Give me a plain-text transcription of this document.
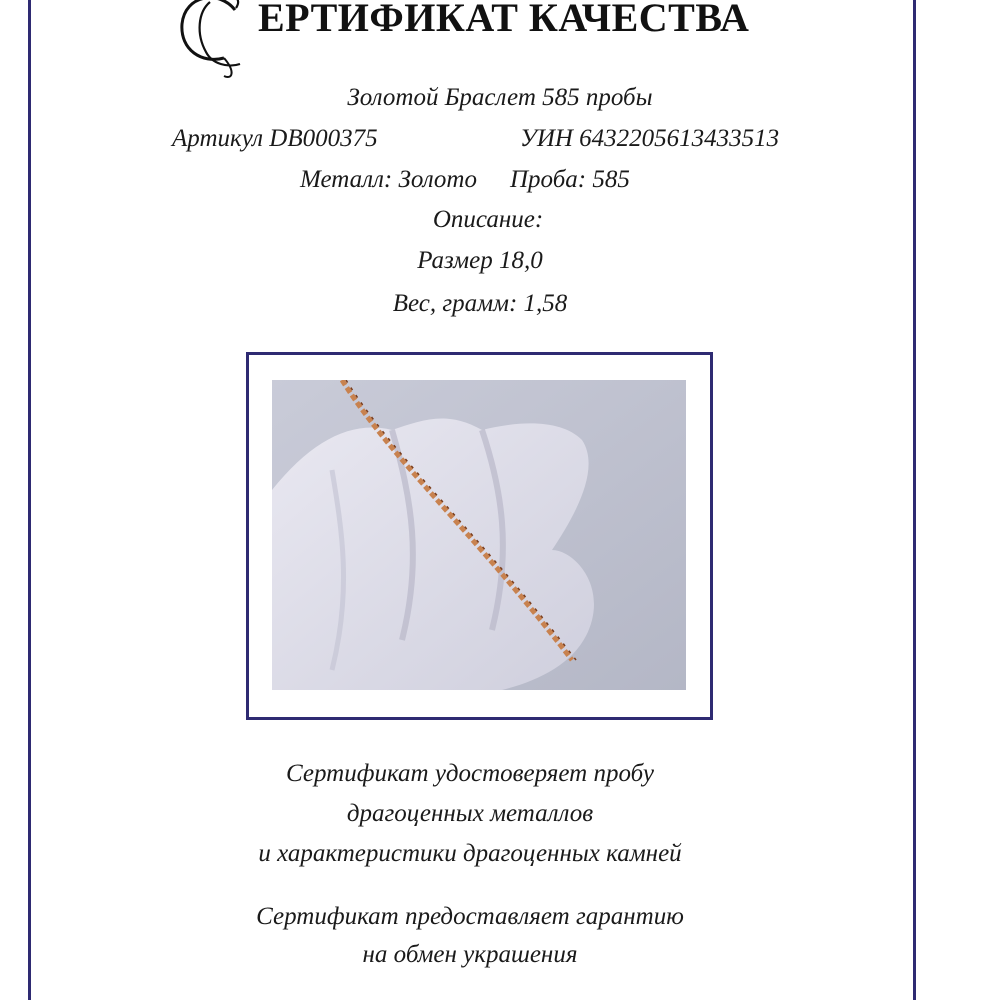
ЕРТИФИКАТ КАЧЕСТВА
Золотой Браслет 585 пробы
Артикул DB000375	УИН 6432205613433513
Металл: Золото Проба: 585
Описание:
Размер 18,0
Вес, грамм: 1,58
Сертификат удостоверяет пробу
драгоценных металлов
и характеристики драгоценных камней
Сертификат предоставляет гарантию
на обмен украшения
